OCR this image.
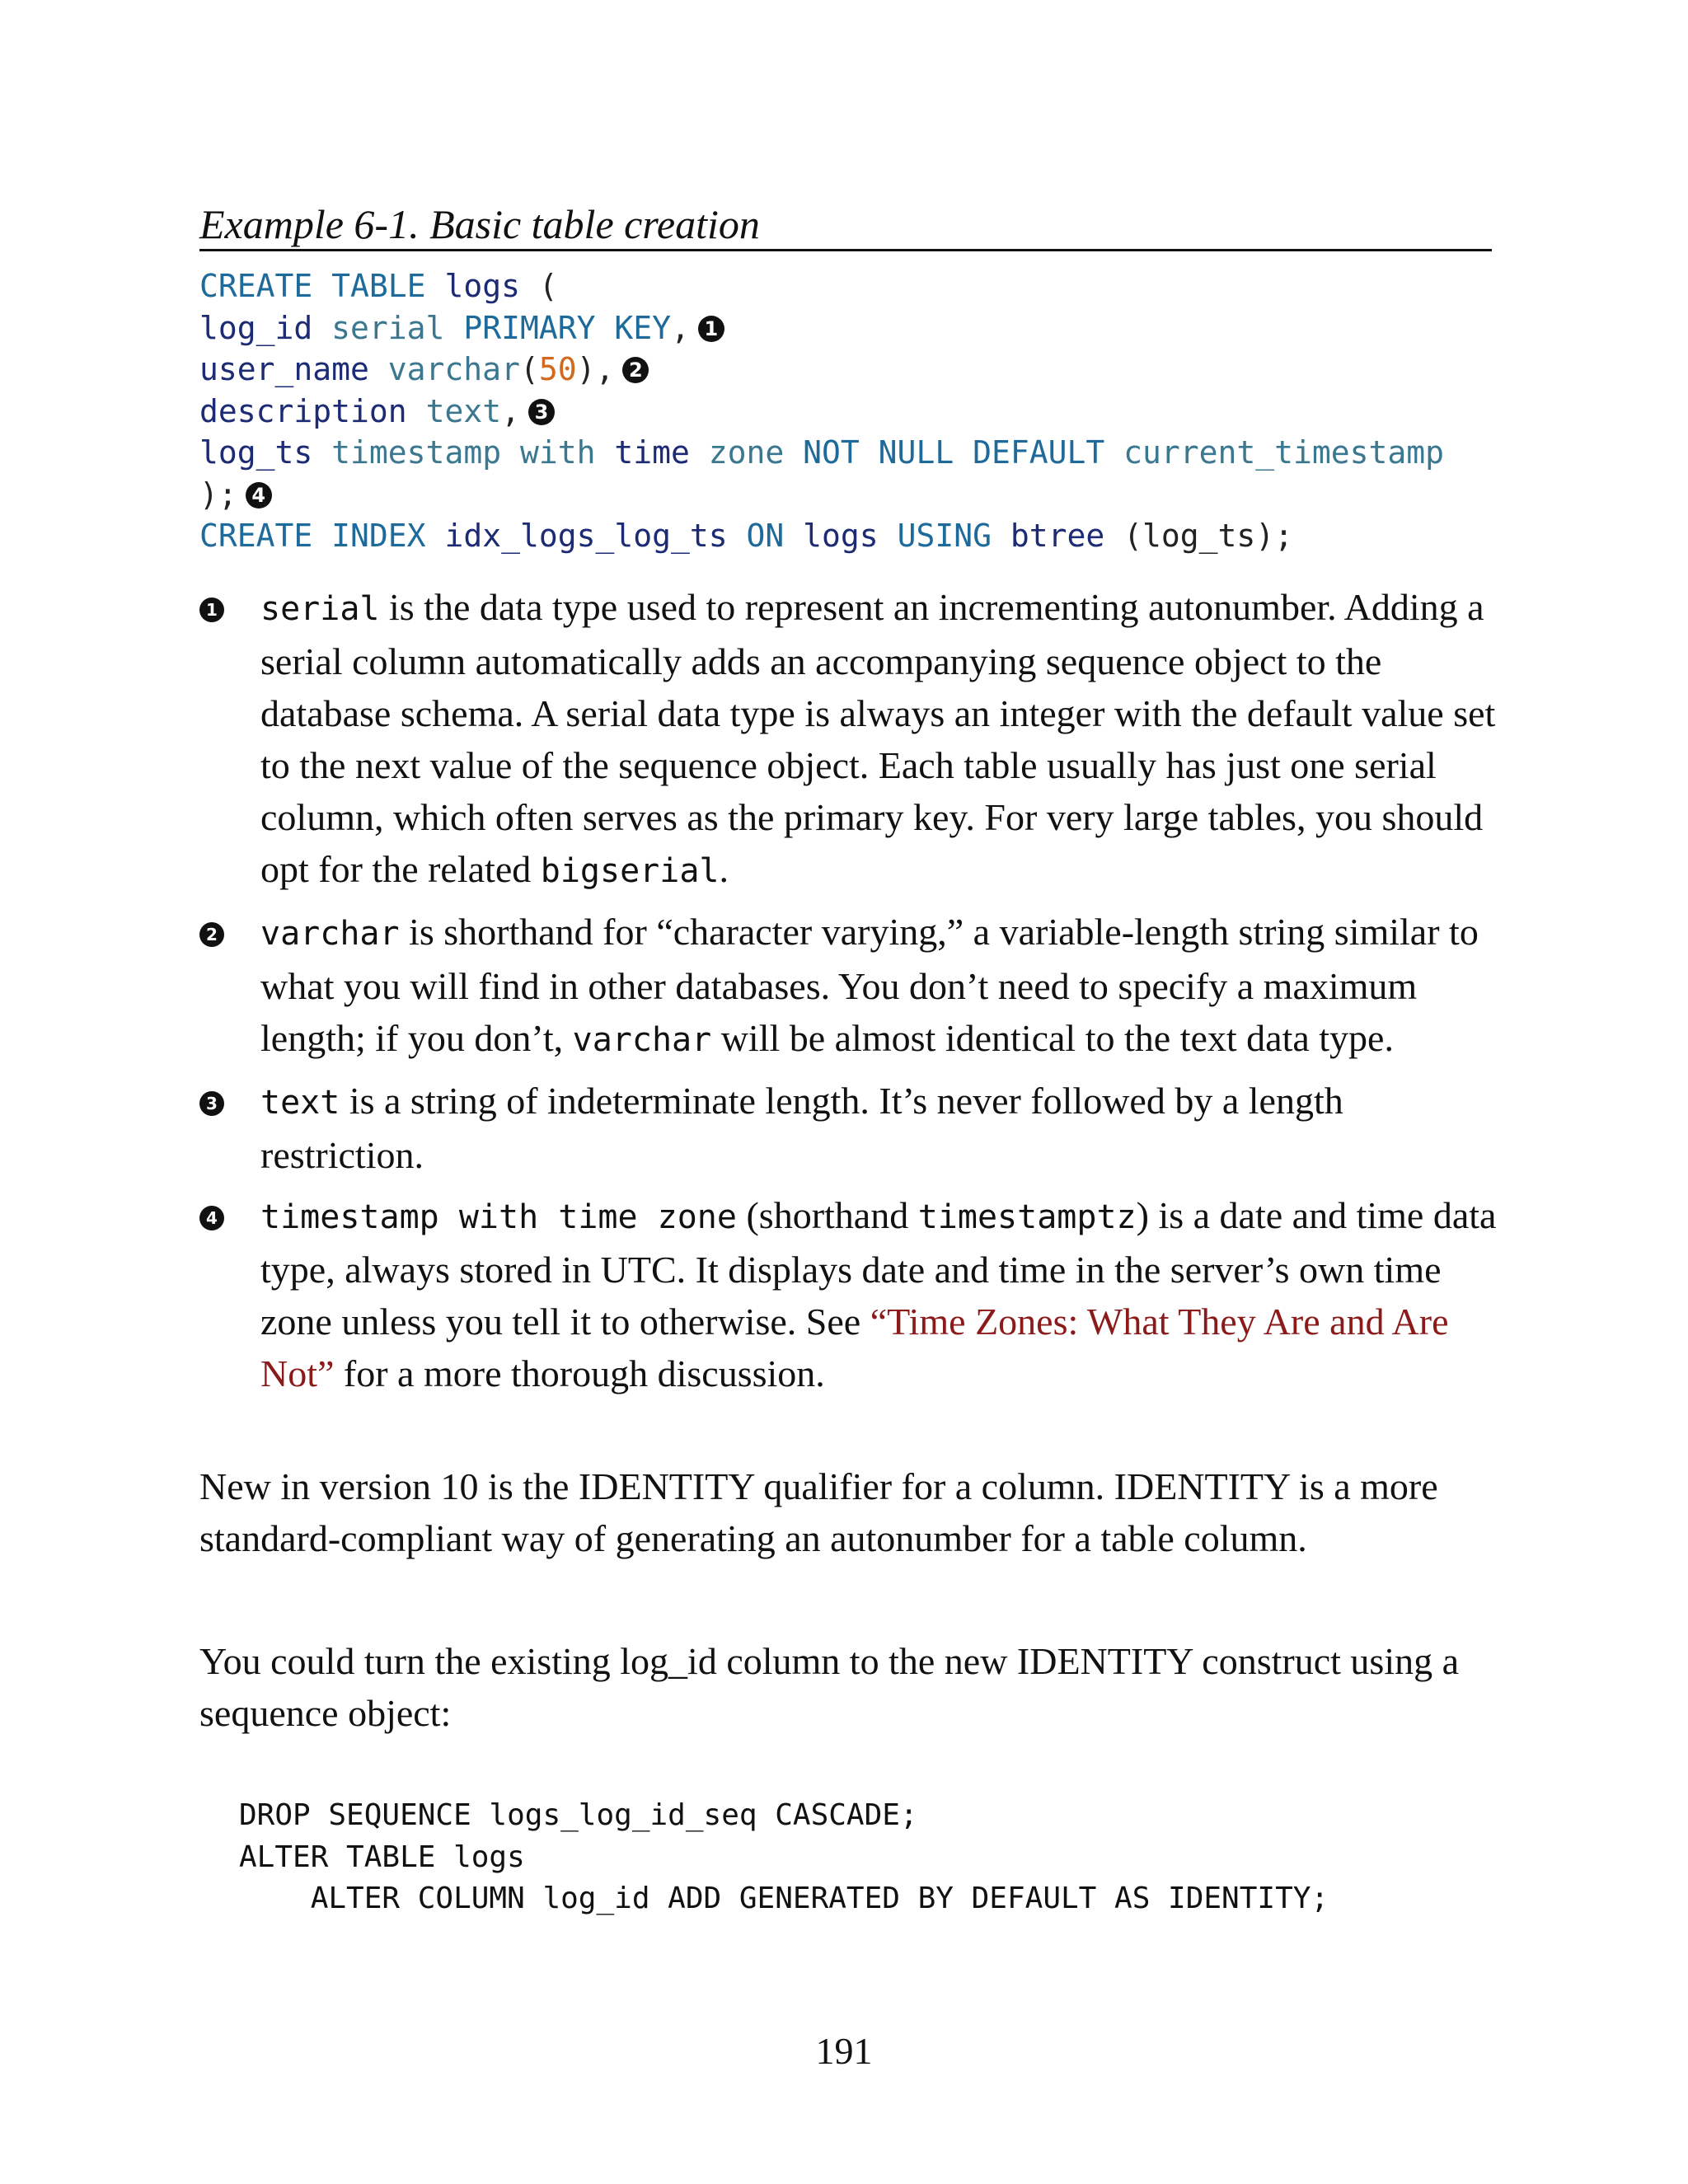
Example 6-1. Basic table creation
CREATE TABLE logs (
log_id serial PRIMARY KEY, 1
user_name varchar(50), 2
description text, 3
log_ts timestamp with time zone NOT NULL DEFAULT current_timestamp
); 4
CREATE INDEX idx_logs_log_ts ON logs USING btree (log_ts);
1 serial is the data type used to represent an incrementing autonumber. Adding a serial column automatically adds an accompanying sequence object to the database schema. A serial data type is always an integer with the default value set to the next value of the sequence object. Each table usually has just one serial column, which often serves as the primary key. For very large tables, you should opt for the related bigserial.
2 varchar is shorthand for “character varying,” a variable-length string similar to what you will find in other databases. You don’t need to specify a maximum length; if you don’t, varchar will be almost identical to the text data type.
3 text is a string of indeterminate length. It’s never followed by a length restriction.
4 timestamp with time zone (shorthand timestamptz) is a date and time data type, always stored in UTC. It displays date and time in the server’s own time zone unless you tell it to otherwise. See “Time Zones: What They Are and Are Not” for a more thorough discussion.

New in version 10 is the IDENTITY qualifier for a column. IDENTITY is a more standard-compliant way of generating an autonumber for a table column.

You could turn the existing log_id column to the new IDENTITY construct using a sequence object:

DROP SEQUENCE logs_log_id_seq CASCADE;
ALTER TABLE logs
ALTER COLUMN log_id ADD GENERATED BY DEFAULT AS IDENTITY;
191
